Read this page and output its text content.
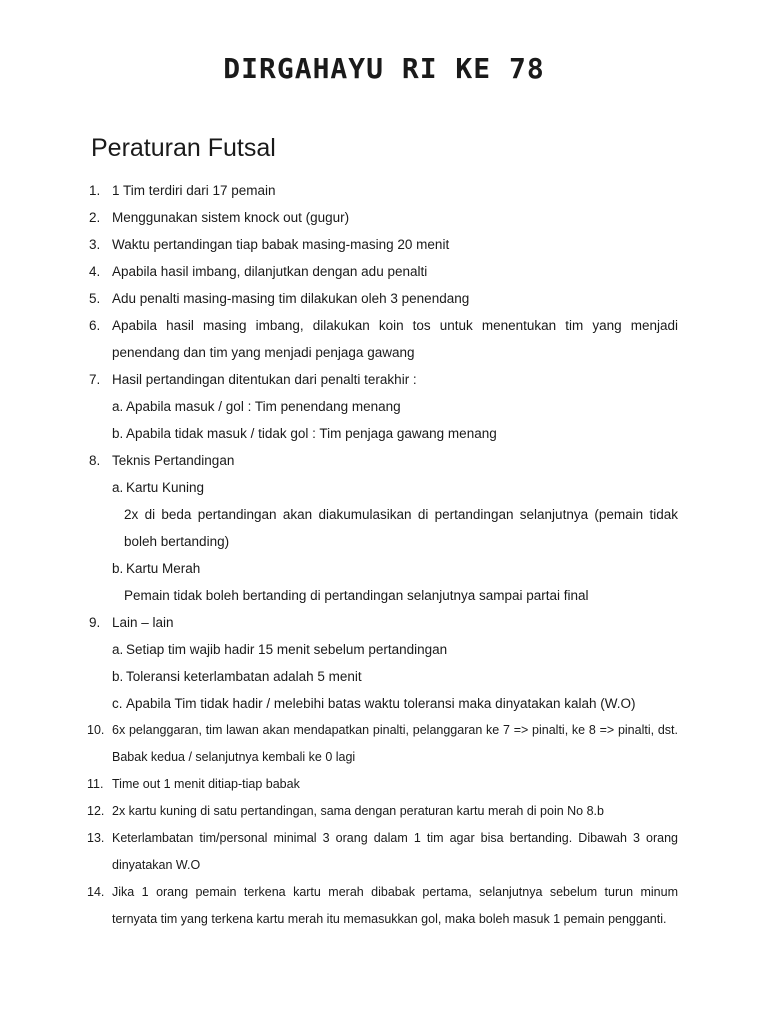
DIRGAHAYU RI KE 78
Peraturan Futsal
1. 1 Tim terdiri dari 17 pemain
2. Menggunakan sistem knock out (gugur)
3. Waktu pertandingan tiap babak masing-masing 20 menit
4. Apabila hasil imbang, dilanjutkan dengan adu penalti
5. Adu penalti masing-masing tim dilakukan oleh 3 penendang
6. Apabila hasil masing imbang, dilakukan koin tos untuk menentukan tim yang menjadi penendang dan tim yang menjadi penjaga gawang
7. Hasil pertandingan ditentukan dari penalti terakhir :
a. Apabila masuk / gol : Tim penendang menang
b. Apabila tidak masuk / tidak gol : Tim penjaga gawang menang
8. Teknis Pertandingan
a. Kartu Kuning
2x di beda pertandingan akan diakumulasikan di pertandingan selanjutnya (pemain tidak boleh bertanding)
b. Kartu Merah
Pemain tidak boleh bertanding di pertandingan selanjutnya sampai partai final
9. Lain – lain
a. Setiap tim wajib hadir 15 menit sebelum pertandingan
b. Toleransi keterlambatan adalah 5 menit
c. Apabila Tim tidak hadir / melebihi batas waktu toleransi maka dinyatakan kalah (W.O)
10. 6x pelanggaran, tim lawan akan mendapatkan pinalti, pelanggaran ke 7 => pinalti, ke 8 => pinalti, dst. Babak kedua / selanjutnya kembali ke 0 lagi
11. Time out 1 menit ditiap-tiap babak
12. 2x kartu kuning di satu pertandingan, sama dengan peraturan kartu merah di poin No 8.b
13. Keterlambatan tim/personal minimal 3 orang dalam 1 tim agar bisa bertanding. Dibawah 3 orang dinyatakan W.O
14. Jika 1 orang pemain terkena kartu merah dibabak pertama, selanjutnya sebelum turun minum ternyata tim yang terkena kartu merah itu memasukkan gol, maka boleh masuk 1 pemain pengganti.
